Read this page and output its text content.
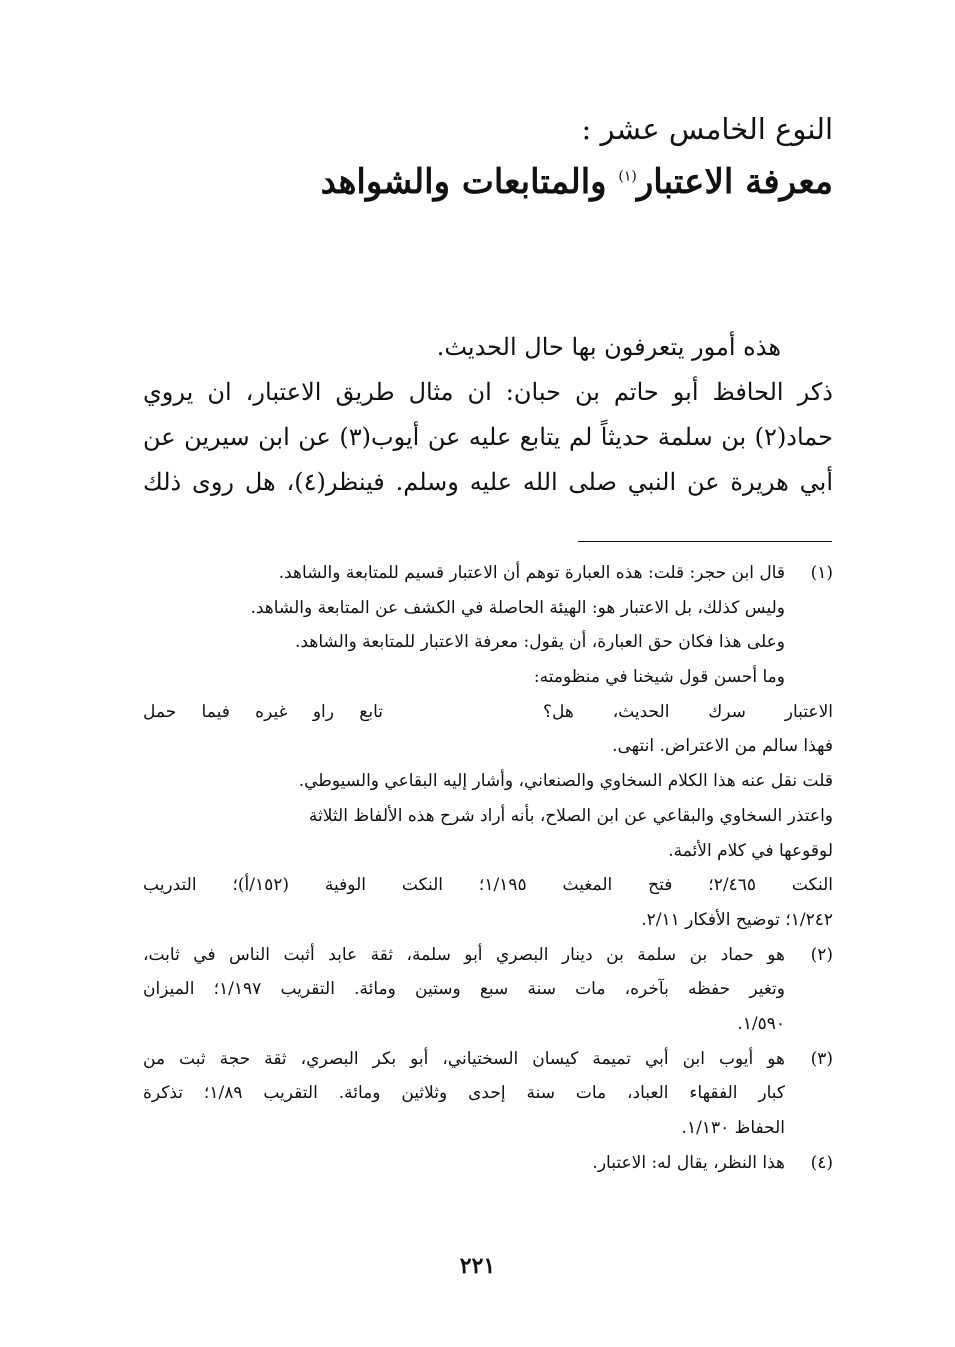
النوع الخامس عشر :
معرفة الاعتبار$^{(١)}$ والمتابعات والشواهد
هذه أمور يتعرفون بها حال الحديث.
ذكر الحافظ أبو حاتم بن حبان: ان مثال طريق الاعتبار، ان يروي
حماد(٢) بن سلمة حديثاً لم يتابع عليه عن أيوب(٣) عن ابن سيرين عن
أبي هريرة عن النبي صلى الله عليه وسلم. فينظر(٤)، هل روى ذلك
(١)
قال ابن حجر: قلت: هذه العبارة توهم أن الاعتبار قسيم للمتابعة والشاهد.
وليس كذلك، بل الاعتبار هو: الهيئة الحاصلة في الكشف عن المتابعة والشاهد.
وعلى هذا فكان حق العبارة، أن يقول: معرفة الاعتبار للمتابعة والشاهد.
وما أحسن قول شيخنا في منظومته:
الاعتبار سرك الحديث، هل؟
تابع راو غيره فيما حمل
فهذا سالم من الاعتراض. انتهى.
قلت نقل عنه هذا الكلام السخاوي والصنعاني، وأشار إليه البقاعي والسيوطي.
واعتذر السخاوي والبقاعي عن ابن الصلاح، بأنه أراد شرح هذه الألفاظ الثلاثة
لوقوعها في كلام الأئمة.
النكت ٢/٤٦٥؛ فتح المغيث ١/١٩٥؛ النكت الوفية (١٥٢/أ)؛ التدريب
١/٢٤٢؛ توضيح الأفكار ٢/١١.
(٢)
هو حماد بن سلمة بن دينار البصري أبو سلمة، ثقة عابد أثبت الناس في ثابت،
وتغير حفظه بآخره، مات سنة سبع وستين ومائة. التقريب ١/١٩٧؛ الميزان
١/٥٩٠.
(٣)
هو أيوب ابن أبي تميمة كيسان السختياني، أبو بكر البصري، ثقة حجة ثبت من
كبار الفقهاء العباد، مات سنة إحدى وثلاثين ومائة. التقريب ١/٨٩؛ تذكرة
الحفاظ ١/١٣٠.
(٤)
هذا النظر، يقال له: الاعتبار.
٢٢١
